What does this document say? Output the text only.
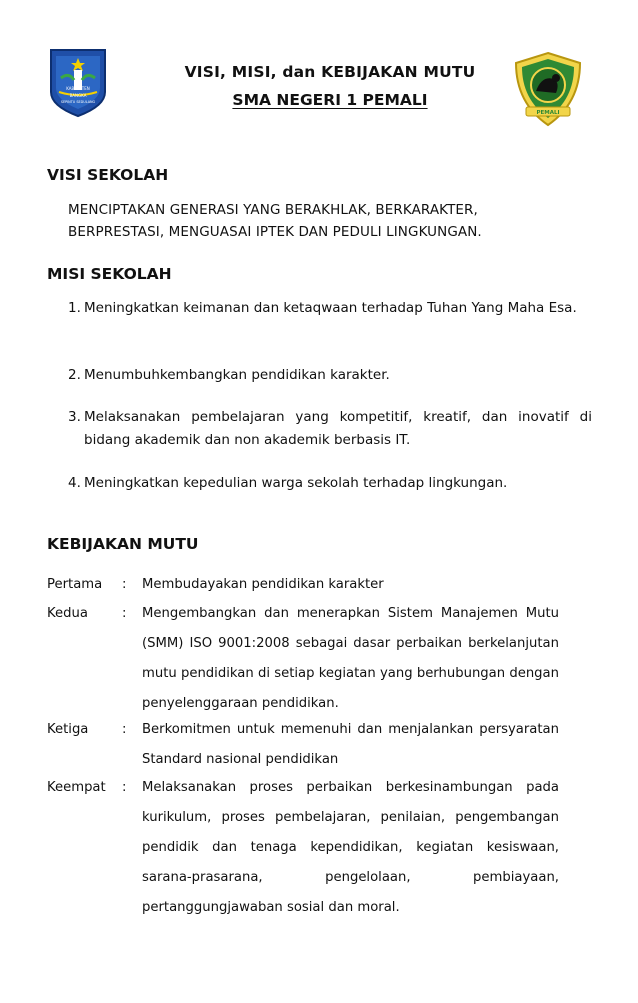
KABUPATEN
BANGKA
SEPINTU SEDULANG
VISI, MISI, dan KEBIJAKAN MUTU
SMA NEGERI 1 PEMALI
PEMALI
VISI SEKOLAH
MENCIPTAKAN GENERASI YANG BERAKHLAK, BERKARAKTER,
BERPRESTASI, MENGUASAI IPTEK DAN PEDULI LINGKUNGAN.
MISI SEKOLAH
1. Meningkatkan keimanan dan ketaqwaan terhadap Tuhan Yang Maha Esa.
2. Menumbuhkembangkan pendidikan karakter.
3. Melaksanakan pembelajaran yang kompetitif, kreatif, dan inovatif di bidang akademik dan non akademik berbasis IT.
4. Meningkatkan kepedulian warga sekolah terhadap lingkungan.
KEBIJAKAN MUTU
Pertama	:	Membudayakan pendidikan karakter
Kedua	:	Mengembangkan dan menerapkan Sistem Manajemen Mutu (SMM) ISO 9001:2008 sebagai dasar perbaikan berkelanjutan mutu pendidikan di setiap kegiatan yang berhubungan dengan penyelenggaraan pendidikan.
Ketiga	:	Berkomitmen untuk memenuhi dan menjalankan persyaratan Standard nasional pendidikan
Keempat	:	Melaksanakan proses perbaikan berkesinambungan pada kurikulum, proses pembelajaran, penilaian, pengembangan pendidik dan tenaga kependidikan, kegiatan kesiswaan, sarana-prasarana, pengelolaan, pembiayaan, pertanggungjawaban sosial dan moral.
